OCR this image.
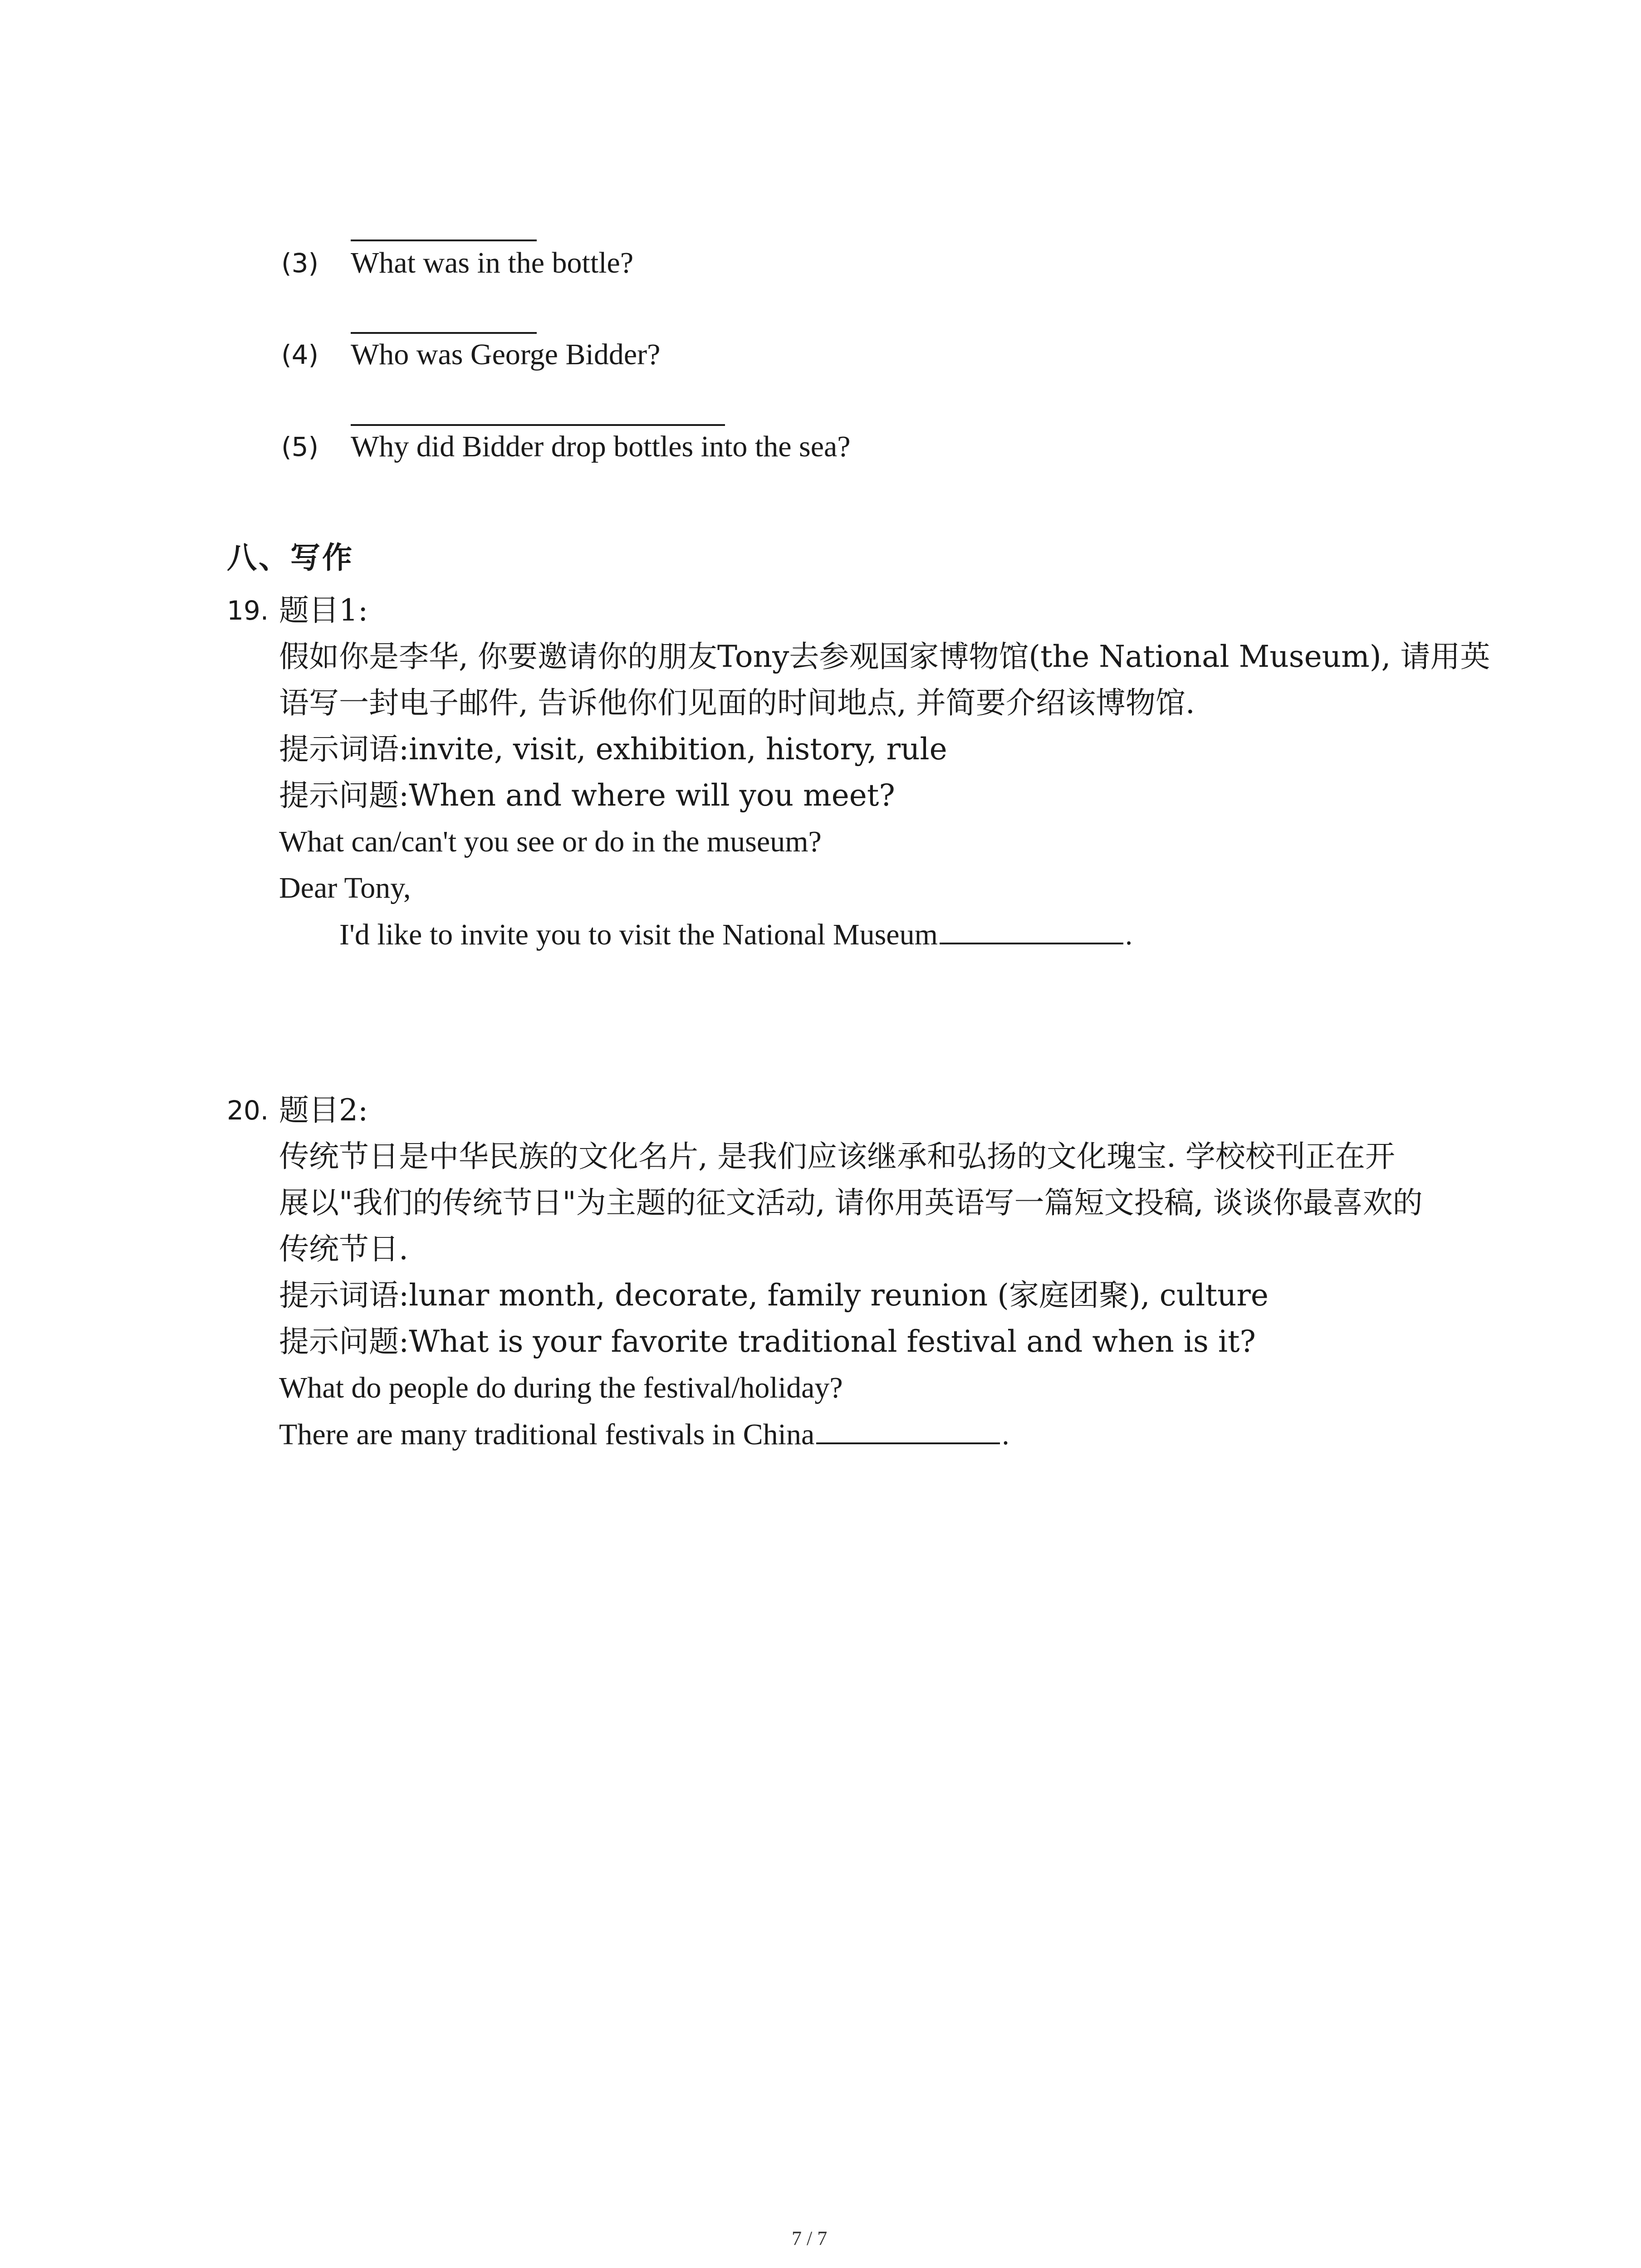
(3) What was in the bottle?

(4) Who was George Bidder?

(5) Why did Bidder drop bottles into the sea?

八、写作
19. 题目1:

假如你是李华, 你要邀请你的朋友Tony去参观国家博物馆(the National Museum), 请用英

语写一封电子邮件, 告诉他你们见面的时间地点, 并简要介绍该博物馆.

提示词语:invite, visit, exhibition, history, rule

提示问题:When and where will you meet?

What can/can't you see or do in the museum?

Dear Tony,

I'd like to invite you to visit the National Museum	.

20. 题目2:

传统节日是中华民族的文化名片, 是我们应该继承和弘扬的文化瑰宝. 学校校刊正在开

展以"我们的传统节日"为主题的征文活动, 请你用英语写一篇短文投稿, 谈谈你最喜欢的

传统节日.

提示词语:lunar month, decorate, family reunion (家庭团聚), culture

提示问题:What is your favorite traditional festival and when is it?

What do people do during the festival/holiday?

There are many traditional festivals in China	.

7 / 7
